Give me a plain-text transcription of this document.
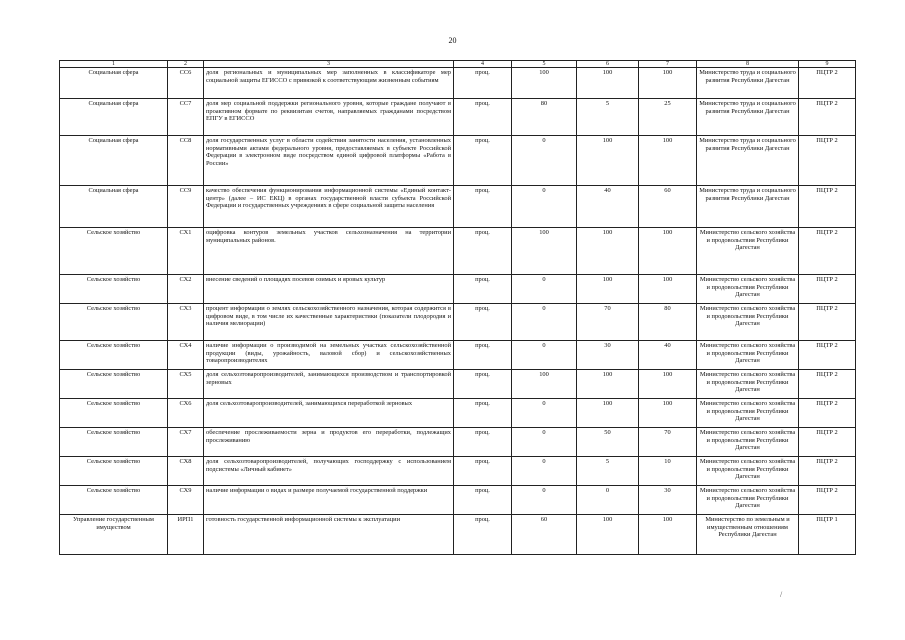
20
1	2	3	4	5	6	7	8	9
Социальная сфера	СС6	доля региональных и муниципальных мер заполненных в классификаторе мер социальной защиты ЕГИССО с привязкой к соответствующим жизненным событиям	проц.	100	100	100	Министерство труда и социального развития Республики Дагестан	ПЦТР 2
Социальная сфера	СС7	доля мер социальной поддержки регионального уровня, которые граждане получают в проактивном формате по реквизитам счетов, направляемых гражданами посредством ЕПГУ в ЕГИССО	проц.	80	5	25	Министерство труда и социального развития Республики Дагестан	ПЦТР 2
Социальная сфера	СС8	доля государственных услуг в области содействия занятости населения, установленных нормативными актами федерального уровня, предоставляемых в субъекте Российской Федерации в электронном виде посредством единой цифровой платформы «Работа в России»	проц.	0	100	100	Министерство труда и социального развития Республики Дагестан	ПЦТР 2
Социальная сфера	СС9	качество обеспечения функционирования информационной системы «Единый контакт-центр» (далее – ИС ЕКЦ) в органах государственной власти субъекта Российской Федерации и государственных учреждениях в сфере социальной защиты населения	проц.	0	40	60	Министерство труда и социального развития Республики Дагестан	ПЦТР 2
Сельское хозяйство	СХ1	оцифровка контуров земельных участков сельхозназначения на территории муниципальных районов.	проц.	100	100	100	Министерство сельского хозяйства и продовольствия Республики Дагестан	ПЦТР 2
Сельское хозяйство	СХ2	внесение сведений о площадях посевов озимых и яровых культур	проц.	0	100	100	Министерство сельского хозяйства и продовольствия Республики Дагестан	ПЦТР 2
Сельское хозяйство	СХ3	процент информации о землях сельскохозяйственного назначения, которая содержится в цифровом виде, в том числе их качественные характеристики (показатели плодородия и наличия мелиорации)	проц.	0	70	80	Министерство сельского хозяйства и продовольствия Республики Дагестан	ПЦТР 2
Сельское хозяйство	СХ4	наличие информации о производимой на земельных участках сельскохозяйственной продукции (виды, урожайность, валовой сбор) и сельскохозяйственных товаропроизводителях	проц.	0	30	40	Министерство сельского хозяйства и продовольствия Республики Дагестан	ПЦТР 2
Сельское хозяйство	СХ5	доля сельхозтоваропроизводителей, занимающихся производством и транспортировкой зерновых	проц.	100	100	100	Министерство сельского хозяйства и продовольствия Республики Дагестан	ПЦТР 2
Сельское хозяйство	СХ6	доля сельхозтоваропроизводителей, занимающихся переработкой зерновых	проц.	0	100	100	Министерство сельского хозяйства и продовольствия Республики Дагестан	ПЦТР 2
Сельское хозяйство	СХ7	обеспечение прослеживаемости зерна и продуктов его переработки, подлежащих прослеживанию	проц.	0	50	70	Министерство сельского хозяйства и продовольствия Республики Дагестан	ПЦТР 2
Сельское хозяйство	СХ8	доля сельхозтоваропроизводителей, получающих господдержку с использованием подсистемы «Личный кабинет»	проц.	0	5	10	Министерство сельского хозяйства и продовольствия Республики Дагестан	ПЦТР 2
Сельское хозяйство	СХ9	наличие информации о видах и размере получаемой государственной поддержки	проц.	0	0	30	Министерство сельского хозяйства и продовольствия Республики Дагестан	ПЦТР 2
Управление государственным имуществом	ИРП1	готовность государственной информационной системы к эксплуатации	проц.	60	100	100	Министерство по земельным и имущественным отношениям Республики Дагестан	ПЦТР 1
/
